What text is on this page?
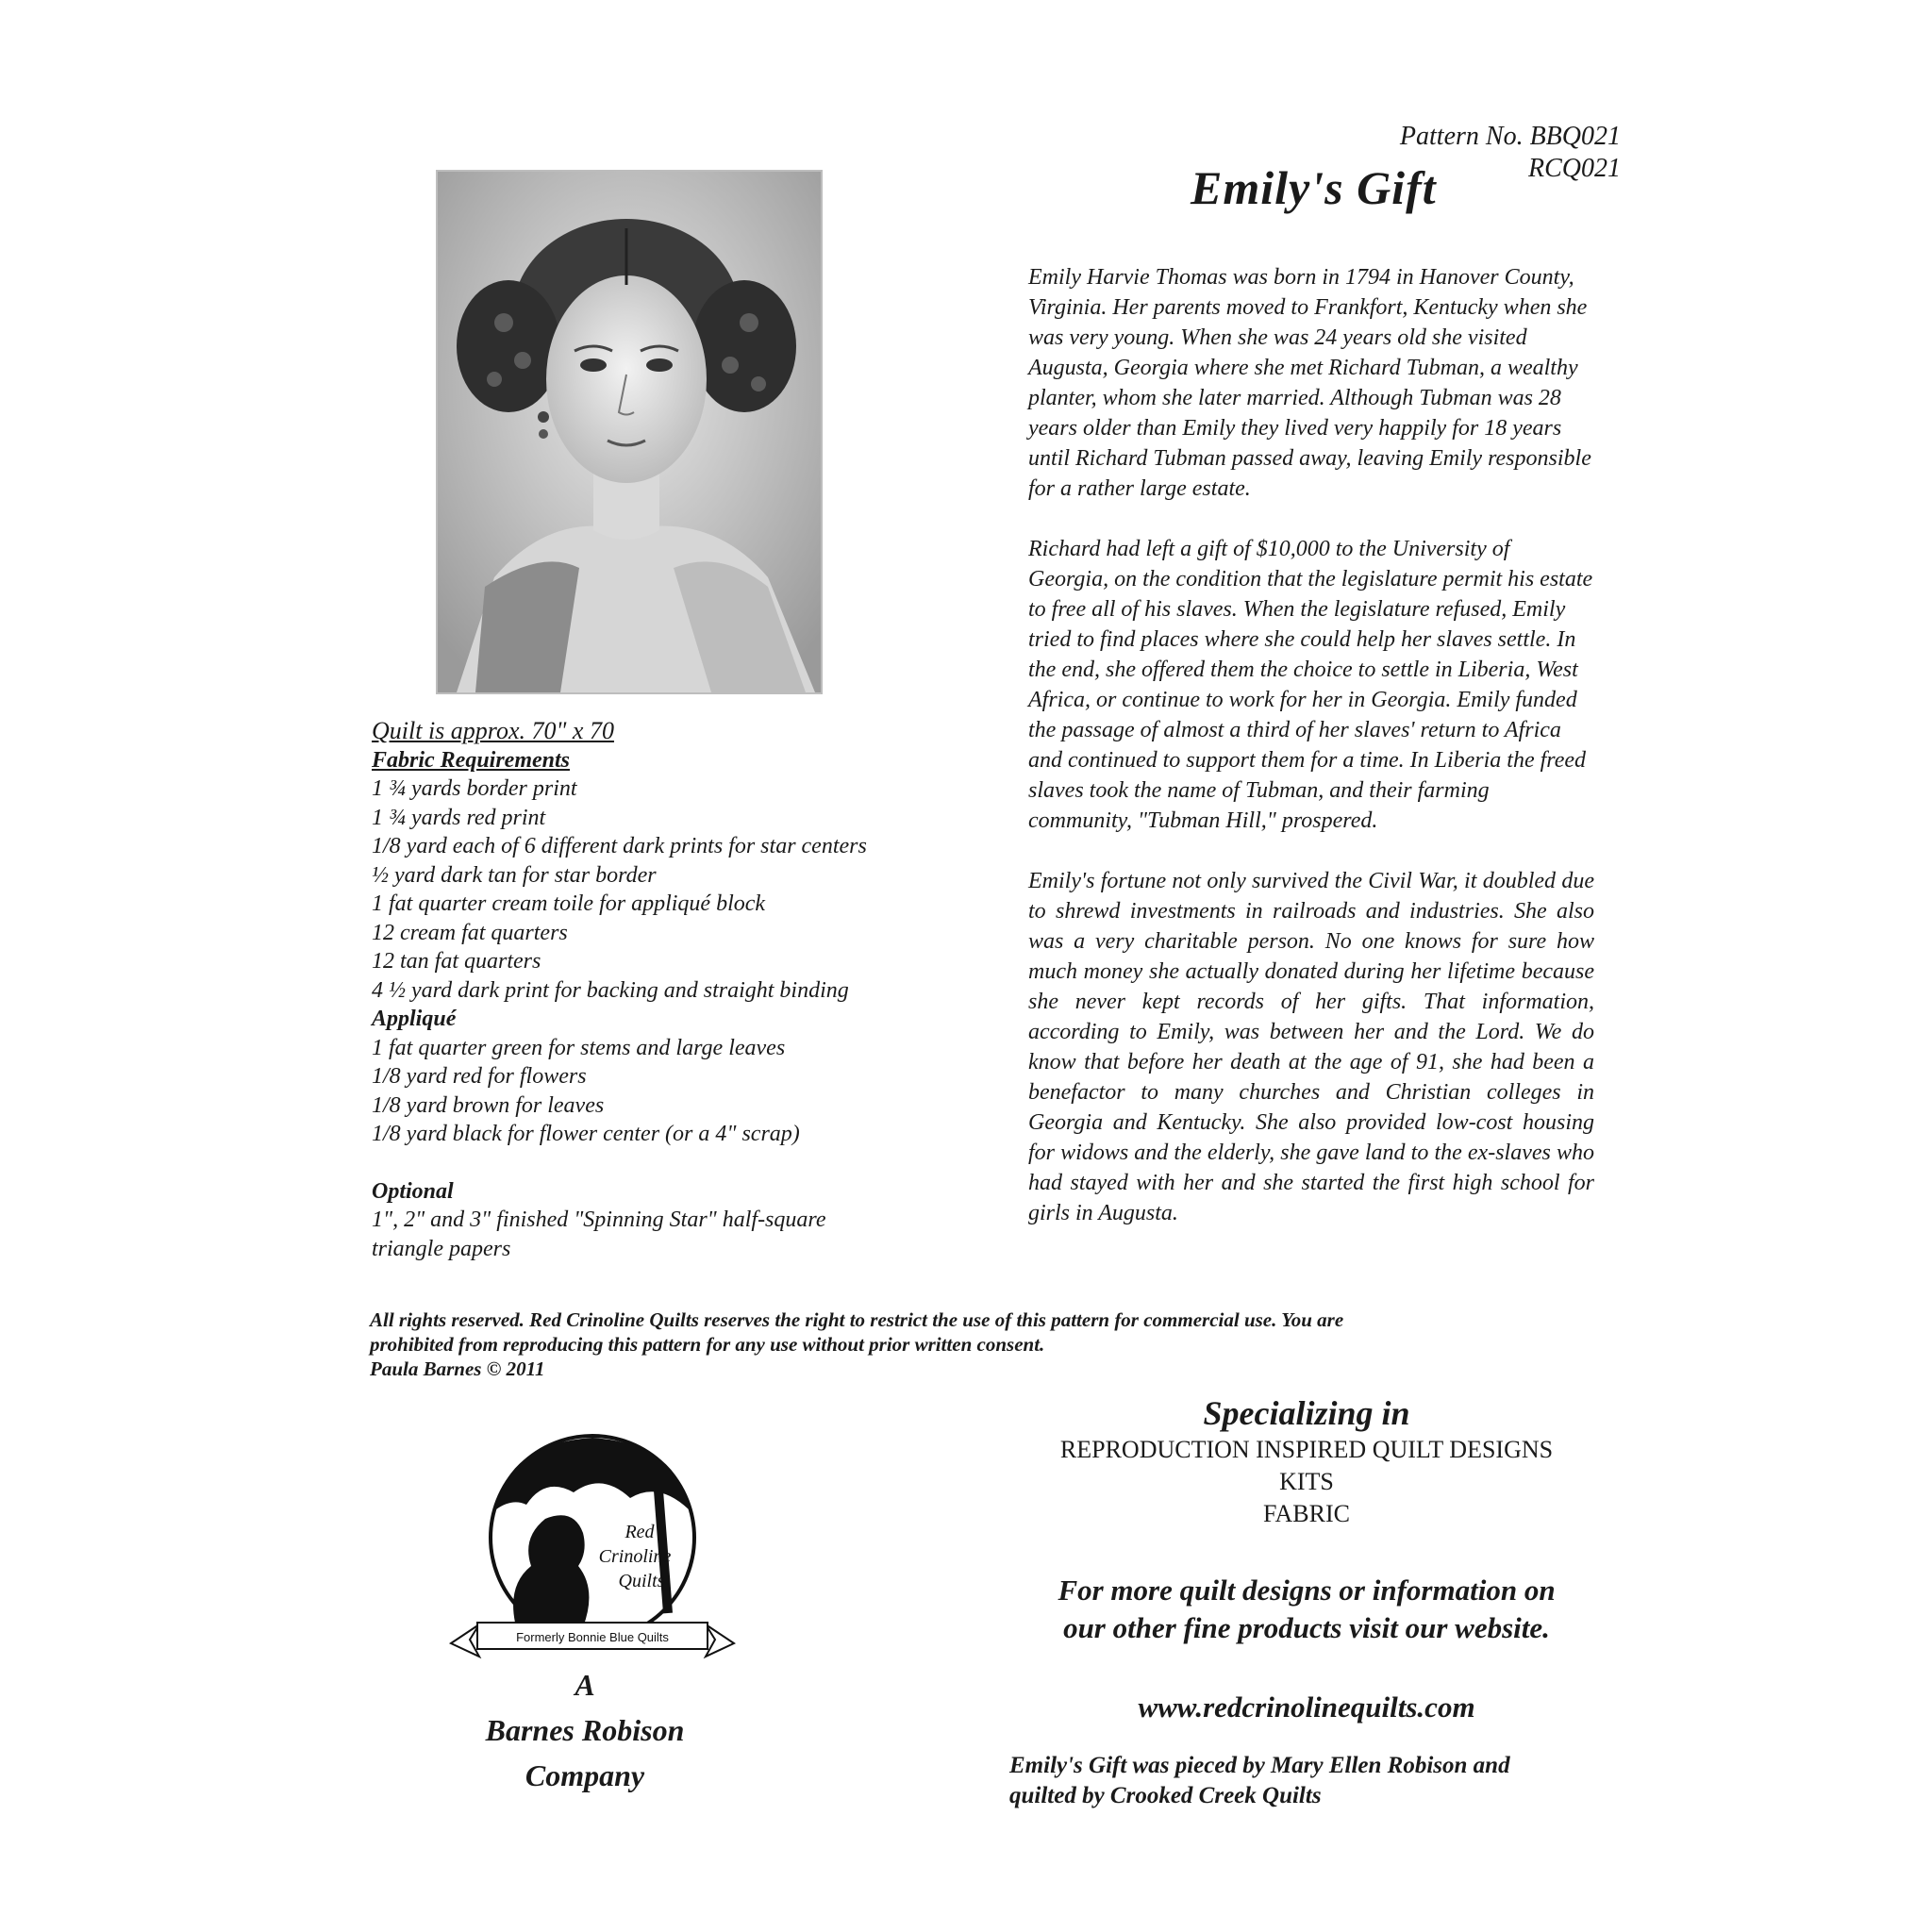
Pattern No. BBQ021
RCQ021
Emily's Gift

Emily Harvie Thomas was born in 1794 in Hanover County, Virginia. Her parents moved to Frankfort, Kentucky when she was very young. When she was 24 years old she visited Augusta, Georgia where she met Richard Tubman, a wealthy planter, whom she later married. Although Tubman was 28 years older than Emily they lived very happily for 18 years until Richard Tubman passed away, leaving Emily responsible for a rather large estate.

Richard had left a gift of $10,000 to the University of Georgia, on the condition that the legislature permit his estate to free all of his slaves. When the legislature refused, Emily tried to find places where she could help her slaves settle. In the end, she offered them the choice to settle in Liberia, West Africa, or continue to work for her in Georgia. Emily funded the passage of almost a third of her slaves' return to Africa and continued to support them for a time. In Liberia the freed slaves took the name of Tubman, and their farming community, "Tubman Hill," prospered.

Emily's fortune not only survived the Civil War, it doubled due to shrewd investments in railroads and industries. She also was a very charitable person. No one knows for sure how much money she actually donated during her lifetime because she never kept records of her gifts. That information, according to Emily, was between her and the Lord. We do know that before her death at the age of 91, she had been a benefactor to many churches and Christian colleges in Georgia and Kentucky. She also provided low-cost housing for widows and the elderly, she gave land to the ex-slaves who had stayed with her and she started the first high school for girls in Augusta.

Quilt is approx. 70" x 70
Fabric Requirements
1 ¾ yards border print
1 ¾ yards red print
1/8 yard each of 6 different dark prints for star centers
½ yard dark tan for star border
1 fat quarter cream toile for appliqué block
12 cream fat quarters
12 tan fat quarters
4 ½ yard dark print for backing and straight binding
Appliqué
1 fat quarter green for stems and large leaves
1/8 yard red for flowers
1/8 yard brown for leaves
1/8 yard black for flower center (or a 4" scrap)
Optional
1", 2" and 3" finished "Spinning Star" half-square
triangle papers
All rights reserved. Red Crinoline Quilts reserves the right to restrict the use of this pattern for commercial use. You are
prohibited from reproducing this pattern for any use without prior written consent.
Paula Barnes © 2011
Red
Crinoline
Quilts
Formerly Bonnie Blue Quilts
A
Barnes Robison
Company
Specializing in
REPRODUCTION INSPIRED QUILT DESIGNS
KITS
FABRIC
For more quilt designs or information on
our other fine products visit our website.
www.redcrinolinequilts.com
Emily's Gift was pieced by Mary Ellen Robison and
quilted by Crooked Creek Quilts
